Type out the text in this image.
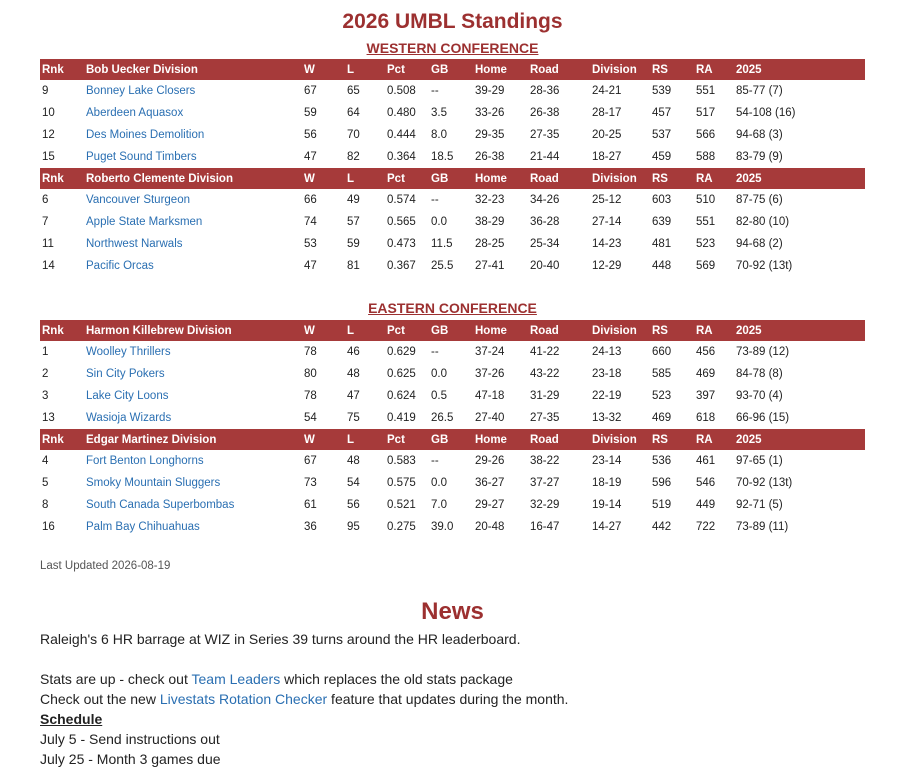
2026 UMBL Standings
WESTERN CONFERENCE
Rnk	Bob Uecker Division	W	L	Pct	GB	Home	Road	Division	RS	RA	2025
9	Bonney Lake Closers	67	65	0.508	--	39-29	28-36	24-21	539	551	85-77 (7)
10	Aberdeen Aquasox	59	64	0.480	3.5	33-26	26-38	28-17	457	517	54-108 (16)
12	Des Moines Demolition	56	70	0.444	8.0	29-35	27-35	20-25	537	566	94-68 (3)
15	Puget Sound Timbers	47	82	0.364	18.5	26-38	21-44	18-27	459	588	83-79 (9)
Rnk	Roberto Clemente Division	W	L	Pct	GB	Home	Road	Division	RS	RA	2025
6	Vancouver Sturgeon	66	49	0.574	--	32-23	34-26	25-12	603	510	87-75 (6)
7	Apple State Marksmen	74	57	0.565	0.0	38-29	36-28	27-14	639	551	82-80 (10)
11	Northwest Narwals	53	59	0.473	11.5	28-25	25-34	14-23	481	523	94-68 (2)
14	Pacific Orcas	47	81	0.367	25.5	27-41	20-40	12-29	448	569	70-92 (13t)
EASTERN CONFERENCE
Rnk	Harmon Killebrew Division	W	L	Pct	GB	Home	Road	Division	RS	RA	2025
1	Woolley Thrillers	78	46	0.629	--	37-24	41-22	24-13	660	456	73-89 (12)
2	Sin City Pokers	80	48	0.625	0.0	37-26	43-22	23-18	585	469	84-78 (8)
3	Lake City Loons	78	47	0.624	0.5	47-18	31-29	22-19	523	397	93-70 (4)
13	Wasioja Wizards	54	75	0.419	26.5	27-40	27-35	13-32	469	618	66-96 (15)
Rnk	Edgar Martinez Division	W	L	Pct	GB	Home	Road	Division	RS	RA	2025
4	Fort Benton Longhorns	67	48	0.583	--	29-26	38-22	23-14	536	461	97-65 (1)
5	Smoky Mountain Sluggers	73	54	0.575	0.0	36-27	37-27	18-19	596	546	70-92 (13t)
8	South Canada Superbombas	61	56	0.521	7.0	29-27	32-29	19-14	519	449	92-71 (5)
16	Palm Bay Chihuahuas	36	95	0.275	39.0	20-48	16-47	14-27	442	722	73-89 (11)
Last Updated 2026-08-19
News
Raleigh's 6 HR barrage at WIZ in Series 39 turns around the HR leaderboard.
Stats are up - check out Team Leaders which replaces the old stats package
Check out the new Livestats Rotation Checker feature that updates during the month.
Schedule
July 5 - Send instructions out
July 25 - Month 3 games due
